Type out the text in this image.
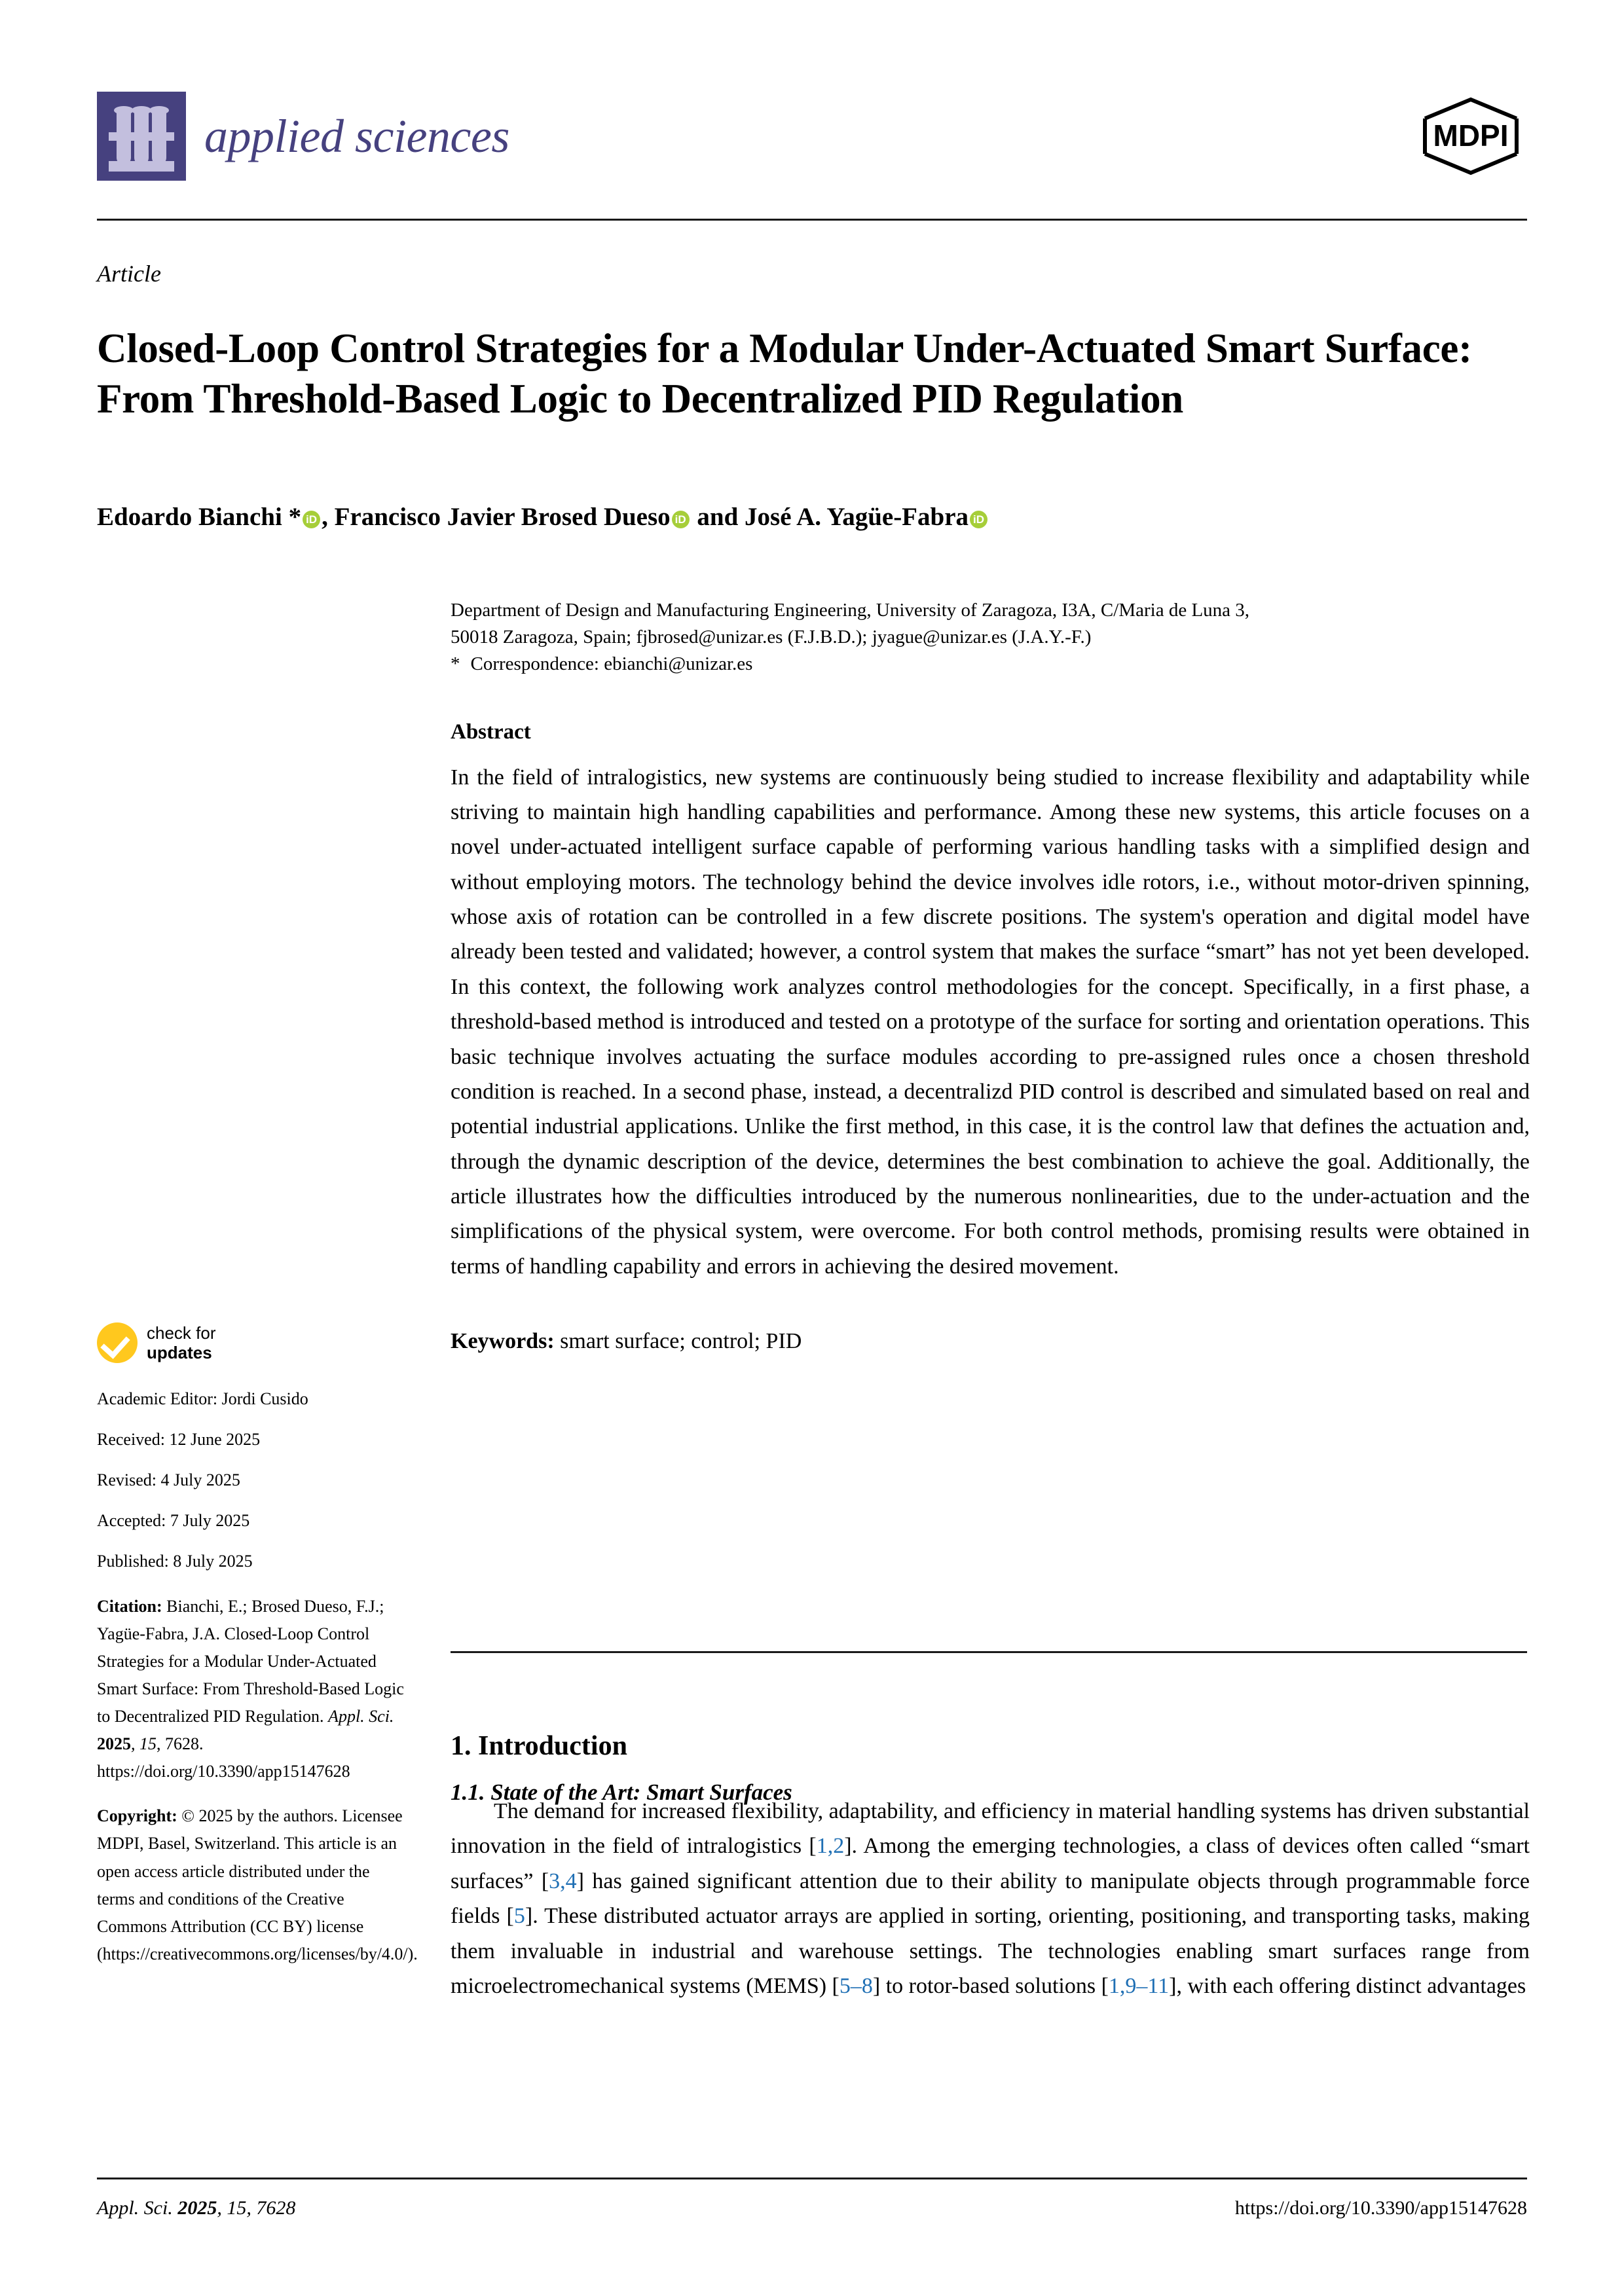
applied sciences	MDPI
Article
Closed-Loop Control Strategies for a Modular Under-Actuated Smart Surface: From Threshold-Based Logic to Decentralized PID Regulation
Edoardo Bianchi * iD , Francisco Javier Brosed Dueso iD and José A. Yagüe-Fabra iD
Department of Design and Manufacturing Engineering, University of Zaragoza, I3A, C/Maria de Luna 3,
50018 Zaragoza, Spain; fjbrosed@unizar.es (F.J.B.D.); jyague@unizar.es (J.A.Y.-F.)
* Correspondence: ebianchi@unizar.es
Abstract
In the field of intralogistics, new systems are continuously being studied to increase flexibility and adaptability while striving to maintain high handling capabilities and performance. Among these new systems, this article focuses on a novel under-actuated intelligent surface capable of performing various handling tasks with a simplified design and without employing motors. The technology behind the device involves idle rotors, i.e., without motor-driven spinning, whose axis of rotation can be controlled in a few discrete positions. The system's operation and digital model have already been tested and validated; however, a control system that makes the surface “smart” has not yet been developed. In this context, the following work analyzes control methodologies for the concept. Specifically, in a first phase, a threshold-based method is introduced and tested on a prototype of the surface for sorting and orientation operations. This basic technique involves actuating the surface modules according to pre-assigned rules once a chosen threshold condition is reached. In a second phase, instead, a decentralizd PID control is described and simulated based on real and potential industrial applications. Unlike the first method, in this case, it is the control law that defines the actuation and, through the dynamic description of the device, determines the best combination to achieve the goal. Additionally, the article illustrates how the difficulties introduced by the numerous nonlinearities, due to the under-actuation and the simplifications of the physical system, were overcome. For both control methods, promising results were obtained in terms of handling capability and errors in achieving the desired movement.
Keywords: smart surface; control; PID
1. Introduction
1.1. State of the Art: Smart Surfaces
The demand for increased flexibility, adaptability, and efficiency in material handling systems has driven substantial innovation in the field of intralogistics [1,2]. Among the emerging technologies, a class of devices often called “smart surfaces” [3,4] has gained significant attention due to their ability to manipulate objects through programmable force fields [5]. These distributed actuator arrays are applied in sorting, orienting, positioning, and transporting tasks, making them invaluable in industrial and warehouse settings. The technologies enabling smart surfaces range from microelectromechanical systems (MEMS) [5–8] to rotor-based solutions [1,9–11], with each offering distinct advantages
check for
updates
Academic Editor: Jordi Cusido
Received: 12 June 2025
Revised: 4 July 2025
Accepted: 7 July 2025
Published: 8 July 2025
Citation: Bianchi, E.; Brosed Dueso, F.J.; Yagüe-Fabra, J.A. Closed-Loop Control Strategies for a Modular Under-Actuated Smart Surface: From Threshold-Based Logic to Decentralized PID Regulation. Appl. Sci. 2025, 15, 7628. https://doi.org/10.3390/app15147628
Copyright: © 2025 by the authors. Licensee MDPI, Basel, Switzerland. This article is an open access article distributed under the terms and conditions of the Creative Commons Attribution (CC BY) license (https://creativecommons.org/licenses/by/4.0/).
Appl. Sci. 2025, 15, 7628	https://doi.org/10.3390/app15147628
